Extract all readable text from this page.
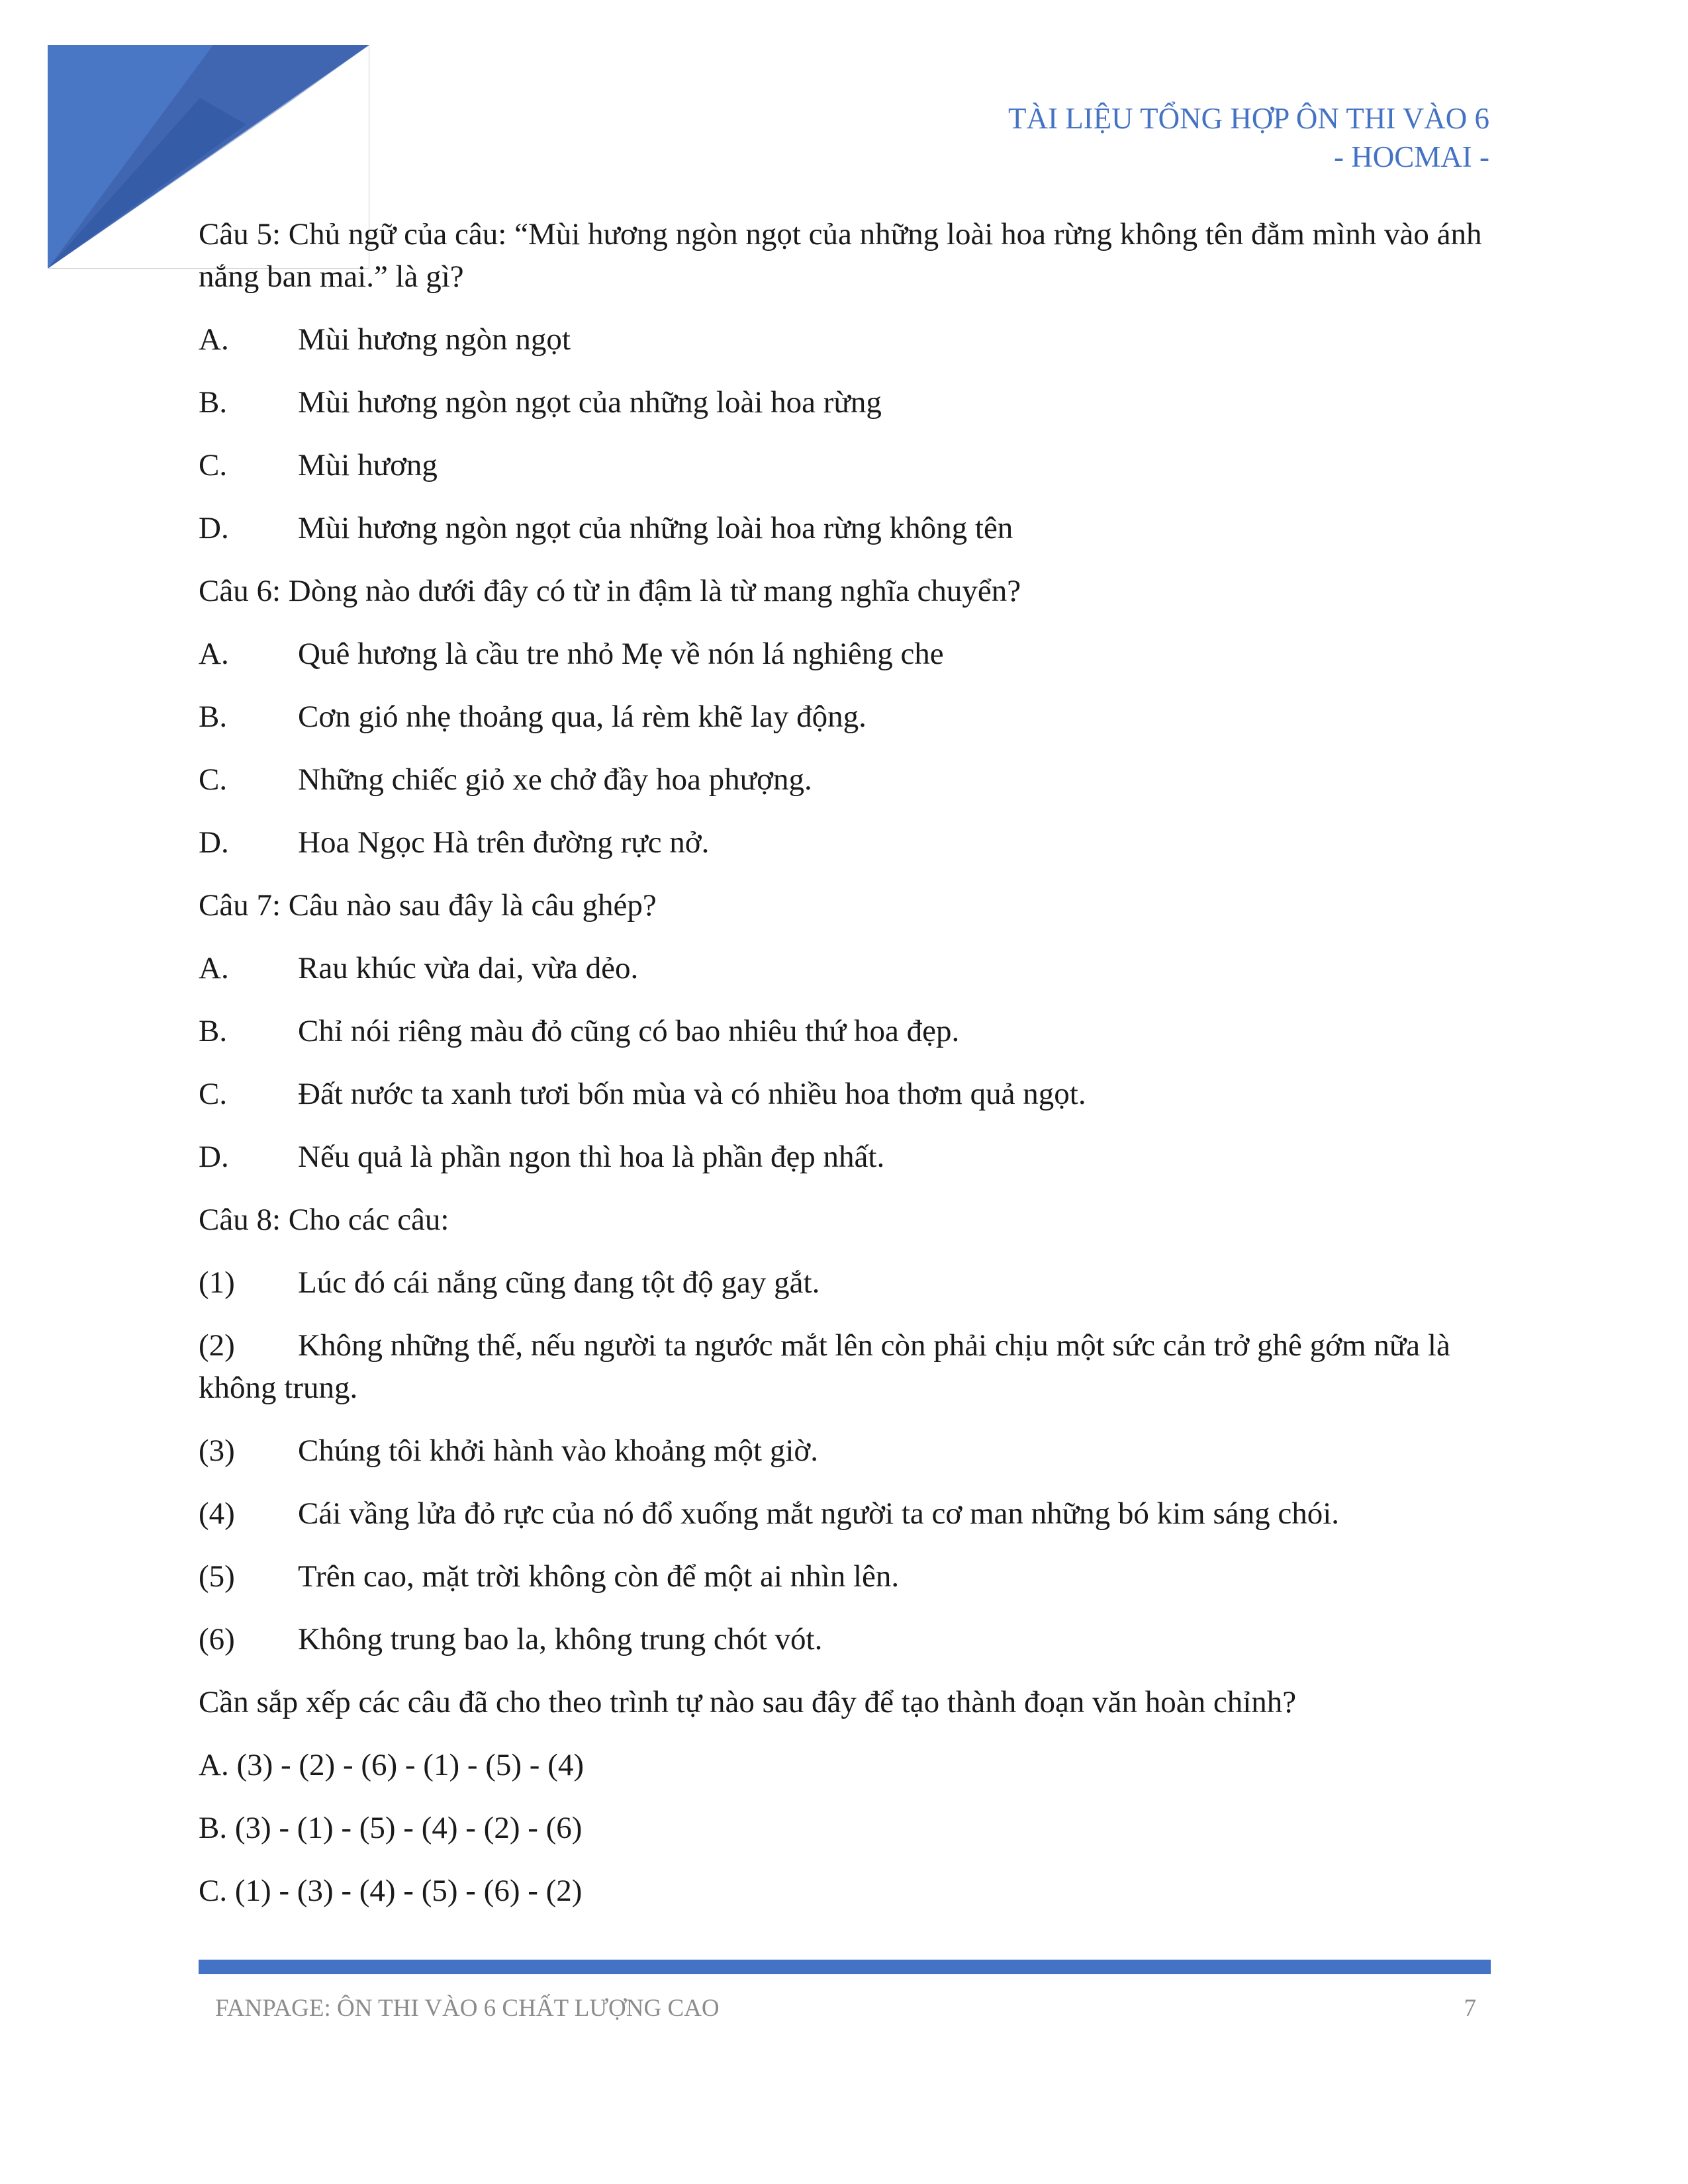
TÀI LIỆU TỔNG HỢP ÔN THI VÀO 6
- HOCMAI -

Câu 5: Chủ ngữ của câu: “Mùi hương ngòn ngọt của những loài hoa rừng không tên đằm mình vào ánh nắng ban mai.” là gì?

A.	Mùi hương ngòn ngọt
B.	Mùi hương ngòn ngọt của những loài hoa rừng
C.	Mùi hương
D.	Mùi hương ngòn ngọt của những loài hoa rừng không tên

Câu 6: Dòng nào dưới đây có từ in đậm là từ mang nghĩa chuyển?

A.	Quê hương là cầu tre nhỏ Mẹ về nón lá nghiêng che
B.	Cơn gió nhẹ thoảng qua, lá rèm khẽ lay động.
C.	Những chiếc giỏ xe chở đầy hoa phượng.
D.	Hoa Ngọc Hà trên đường rực nở.

Câu 7: Câu nào sau đây là câu ghép?

A.	Rau khúc vừa dai, vừa dẻo.
B.	Chỉ nói riêng màu đỏ cũng có bao nhiêu thứ hoa đẹp.
C.	Đất nước ta xanh tươi bốn mùa và có nhiều hoa thơm quả ngọt.
D.	Nếu quả là phần ngon thì hoa là phần đẹp nhất.

Câu 8: Cho các câu:

(1)	Lúc đó cái nắng cũng đang tột độ gay gắt.
(2) Không những thế, nếu người ta ngước mắt lên còn phải chịu một sức cản trở ghê gớm nữa là không trung.
(3)	Chúng tôi khởi hành vào khoảng một giờ.
(4)	Cái vầng lửa đỏ rực của nó đổ xuống mắt người ta cơ man những bó kim sáng chói.
(5)	Trên cao, mặt trời không còn để một ai nhìn lên.
(6)	Không trung bao la, không trung chót vót.

Cần sắp xếp các câu đã cho theo trình tự nào sau đây để tạo thành đoạn văn hoàn chỉnh?

A. (3) - (2) - (6) - (1) - (5) - (4)

B. (3) - (1) - (5) - (4) - (2) - (6)

C. (1) - (3) - (4) - (5) - (6) - (2)

FANPAGE: ÔN THI VÀO 6 CHẤT LƯỢNG CAO	7
